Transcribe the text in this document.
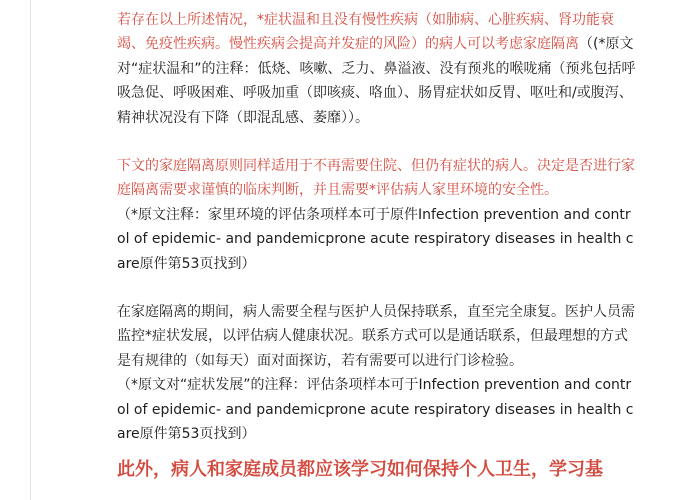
若存在以上所述情况，*症状温和且没有慢性疾病（如肺病、心脏疾病、肾功能衰竭、免疫性疾病。慢性疾病会提高并发症的风险）的病人可以考虑家庭隔离（(*原文对“症状温和”的注释：低烧、咳嗽、乏力、鼻溢液、没有预兆的喉咙痛（预兆包括呼吸急促、呼吸困难、呼吸加重（即咳痰、咯血）、肠胃症状如反胃、呕吐和/或腹泻、精神状况没有下降（即混乱感、萎靡））。

下文的家庭隔离原则同样适用于不再需要住院、但仍有症状的病人。决定是否进行家庭隔离需要求谨慎的临床判断，并且需要*评估病人家里环境的安全性。

（*原文注释：家里环境的评估条项样本可于原件Infection prevention and control of epidemic- and pandemicprone acute respiratory diseases in health care原件第53页找到）

在家庭隔离的期间，病人需要全程与医护人员保持联系，直至完全康复。医护人员需监控*症状发展，以评估病人健康状况。联系方式可以是通话联系，但最理想的方式是有规律的（如每天）面对面探访，若有需要可以进行门诊检验。

（*原文对“症状发展”的注释：评估条项样本可于Infection prevention and control of epidemic- and pandemicprone acute respiratory diseases in health care原件第53页找到）

此外，病人和家庭成员都应该学习如何保持个人卫生，学习基
